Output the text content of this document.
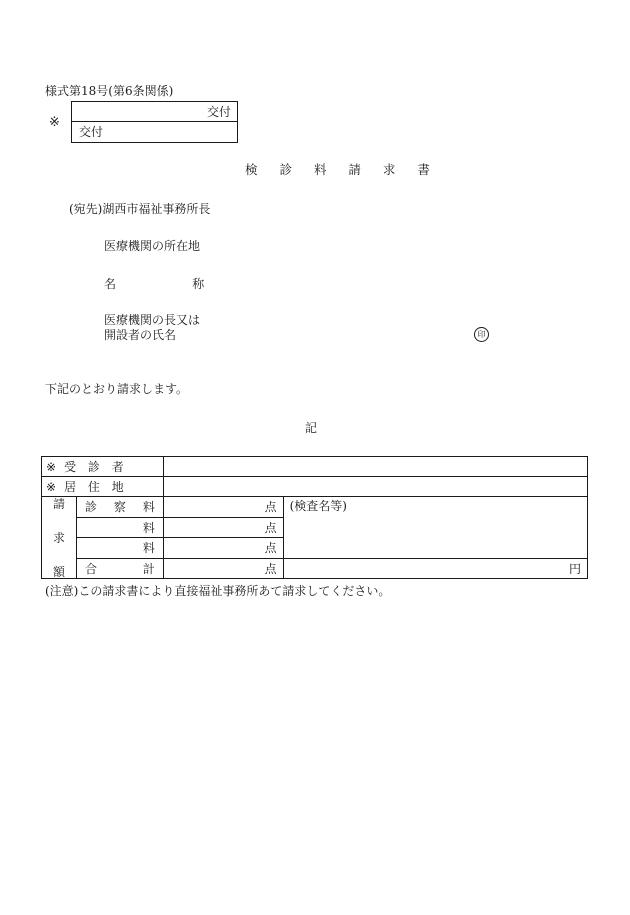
様式第18号(第6条関係)
※
交付
交付
検 診 料 請 求 書
(宛先)湖西市福祉事務所長
医療機関の所在地
名                    称
医療機関の長又は
開設者の氏名	印
下記のとおり請求します。
記
※ 受 診 者			

※ 居 住 地			

請
求
額	診 察 料	点	(検査名等)
	料	点	
	料	点	

	合 計	点	円
(注意)この請求書により直接福祉事務所あて請求してください。
